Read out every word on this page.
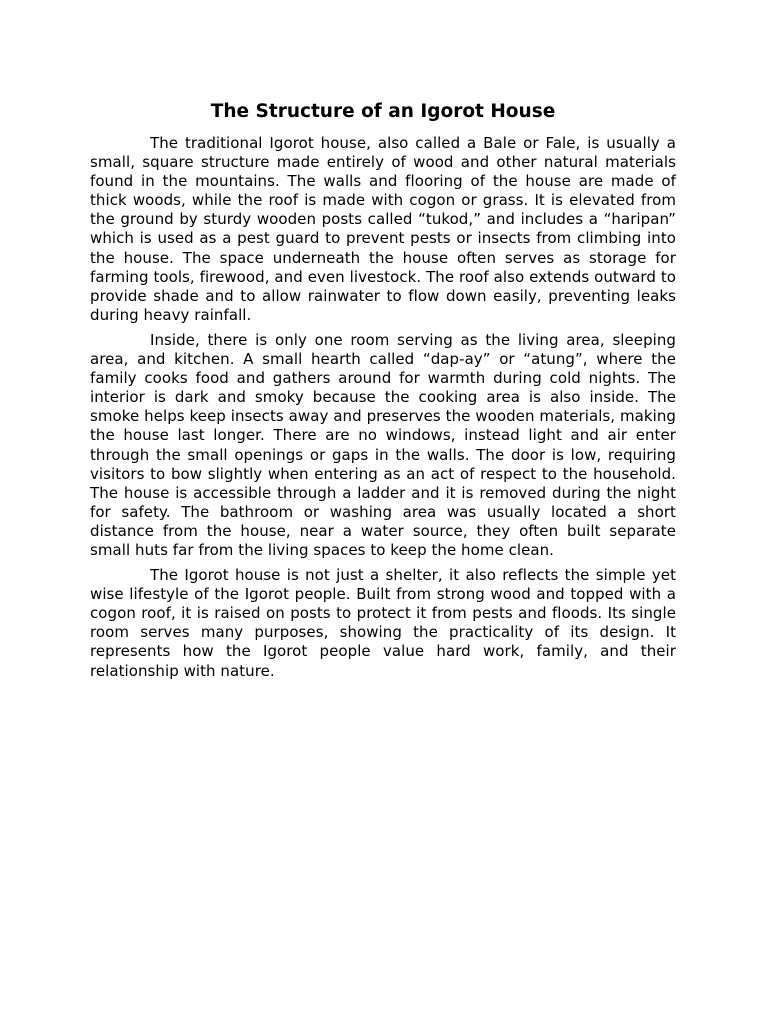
The Structure of an Igorot House

The traditional Igorot house, also called a Bale or Fale, is usually a small, square structure made entirely of wood and other natural materials found in the mountains. The walls and flooring of the house are made of thick woods, while the roof is made with cogon or grass. It is elevated from the ground by sturdy wooden posts called “tukod,” and includes a “haripan” which is used as a pest guard to prevent pests or insects from climbing into the house. The space underneath the house often serves as storage for farming tools, firewood, and even livestock. The roof also extends outward to provide shade and to allow rainwater to flow down easily, preventing leaks during heavy rainfall.

Inside, there is only one room serving as the living area, sleeping area, and kitchen. A small hearth called “dap-ay” or “atung”, where the family cooks food and gathers around for warmth during cold nights. The interior is dark and smoky because the cooking area is also inside. The smoke helps keep insects away and preserves the wooden materials, making the house last longer. There are no windows, instead light and air enter through the small openings or gaps in the walls. The door is low, requiring visitors to bow slightly when entering as an act of respect to the household. The house is accessible through a ladder and it is removed during the night for safety. The bathroom or washing area was usually located a short distance from the house, near a water source, they often built separate small huts far from the living spaces to keep the home clean.

The Igorot house is not just a shelter, it also reflects the simple yet wise lifestyle of the Igorot people. Built from strong wood and topped with a cogon roof, it is raised on posts to protect it from pests and floods. Its single room serves many purposes, showing the practicality of its design. It represents how the Igorot people value hard work, family, and their relationship with nature.
